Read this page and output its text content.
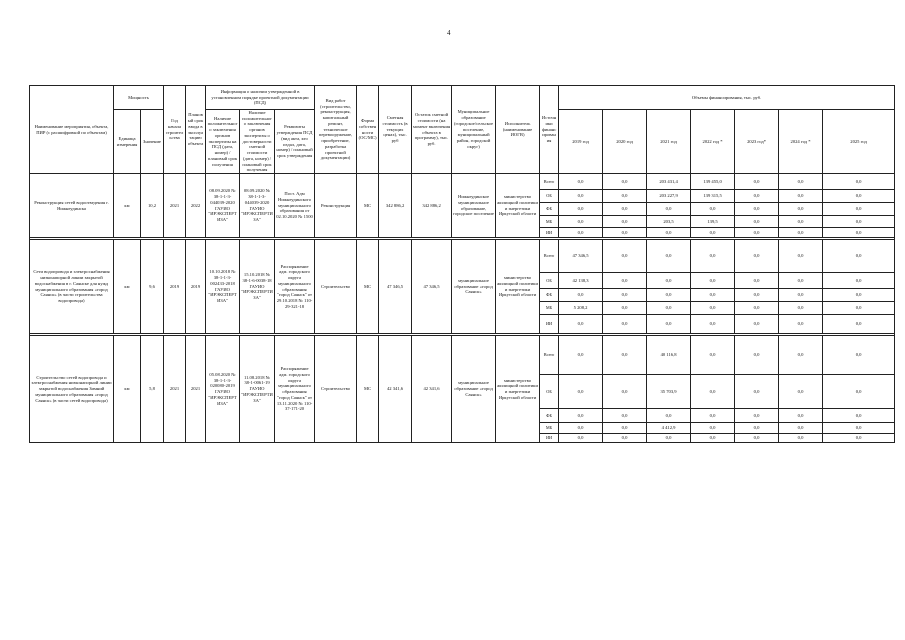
4
Наименование мероприятия, объекта, ПИР (с расшифровкой по объектам)	Мощность		Год начала строительства	Плановый срок ввода в эксплуатацию объекта	Информация о наличии утвержденной в установленном порядке проектной документации (ПСД)			Вид работ (строительство, реконструкция, капитальный ремонт, техническое перевооружение, приобретение, разработка проектной документации)	Форма собственности (ОС/МС)	Сметная стоимость (в текущих ценах), тыс. руб	Остаток сметной стоимости (на момент включения объекта в программу), тыс. руб.	Муниципальное образование (городское/сельское поселение, муниципальный район, городской округ)	Исполнитель (наименование ИОГВ)	Источники финансирования	Объемы финансирования, тыс. руб.						
	Единица измерения	Значение			Наличие положительного заключения органов экспертизы на ПСД (дата, номер) / плановый срок получения	Наличие положительного заключения органов экспертизы о достоверности сметной стоимости (дата, номер) / плановый срок получения	Реквизиты утверждения ПСД (вид акта, кто издал, дата, номер) / плановый срок утверждения								2019 год	2020 год	2021 год	2022 год *	2023 год*	2024 год *	2025 год

Реконструкция сетей водоотведения г. Нижнеудинска	км	10,2	2021	2022	08.09.2020 № 38-1-1-3-044039-2020 ГАУИО "ИРЭКСПЕРТИЗА"	08.09.2020 № 38-1-1-3-044039-2020 ГАУИО "ИРЭКСПЕРТИЗА"	Пост. Адм Нижнеудинского муниципального образования от 02.10.2020 № 1500	Реконструкция	МС	342 886,2	342 886,2	Нижнеудинское муниципальное образование, городское поселение	министерство жилищной политики и энергетики Иркутской области	Всего	0,0	0,0	203 431,4	139 455,0	0,0	0,0	0,0
														ОБ	0,0	0,0	203 227,9	139 315,5	0,0	0,0	0,0
														ФБ	0,0	0,0	0,0	0,0	0,0	0,0	0,0
														МБ	0,0	0,0	203,5	139,5	0,0	0,0	0,0
														ИИ	0,0	0,0	0,0	0,0	0,0	0,0	0,0

Сети водопровода и электроснабжения низконапорной линии закрытой водоснабжения в г. Саянске для нужд муниципального образования «город Саянск» (в части строительства водопровода)	км	9,6	2019	2019	10.10.2018 № 38-1-1-3-002433-2018 ГАУИО "ИРЭКСПЕРТИЗА"	15.10.2018 № 38-1-6-0038-18 ГАУИО "ИРЭКСПЕРТИЗА"	Распоряжение адм. городского округа муниципального образования "город Саянск" от 29.10.2018 № 110-29-321-18	Строительство	МС	47 346,5	47 346,5	муниципальное образование «город Саянск»	министерство жилищной политики и энергетики Иркутской области	Всего	47 346,5	0,0	0,0	0,0	0,0	0,0	0,0
														ОБ	42 138,3	0,0	0,0	0,0	0,0	0,0	0,0
														ФБ	0,0	0,0	0,0	0,0	0,0	0,0	0,0
														МБ	5 208,2	0,0	0,0	0,0	0,0	0,0	0,0
														ИИ	0,0	0,0	0,0	0,0	0,0	0,0	0,0

Строительство сетей водопровода и электроснабжения низконапорной линии закрытой водоснабжения Зимний муниципального образования «город Саянск» (в части сетей водопровода)	км	5,8	2021	2021	05.08.2020 № 38-1-1-3-020080-2019 ГАУИО "ИРЭКСПЕРТИЗА"	11.08.2018 № 38-1-0061-19 ГАУИО "ИРЭКСПЕРТИЗА"	Распоряжение адм. городского округа муниципального образования "город Саянск" от 13.11.2020 № 110-37-171-20	Строительство	МС	42 341,6	42 341,6	муниципальное образование «город Саянск»	министерство жилищной политики и энергетики Иркутской области	Всего	0,0	0,0	40 116,8	0,0	0,0	0,0	0,0
														ОБ	0,0	0,0	35 703,9	0,0	0,0	0,0	0,0
														ФБ	0,0	0,0	0,0	0,0	0,0	0,0	0,0
														МБ	0,0	0,0	4 412,9	0,0	0,0	0,0	0,0
														ИИ	0,0	0,0	0,0	0,0	0,0	0,0	0,0
